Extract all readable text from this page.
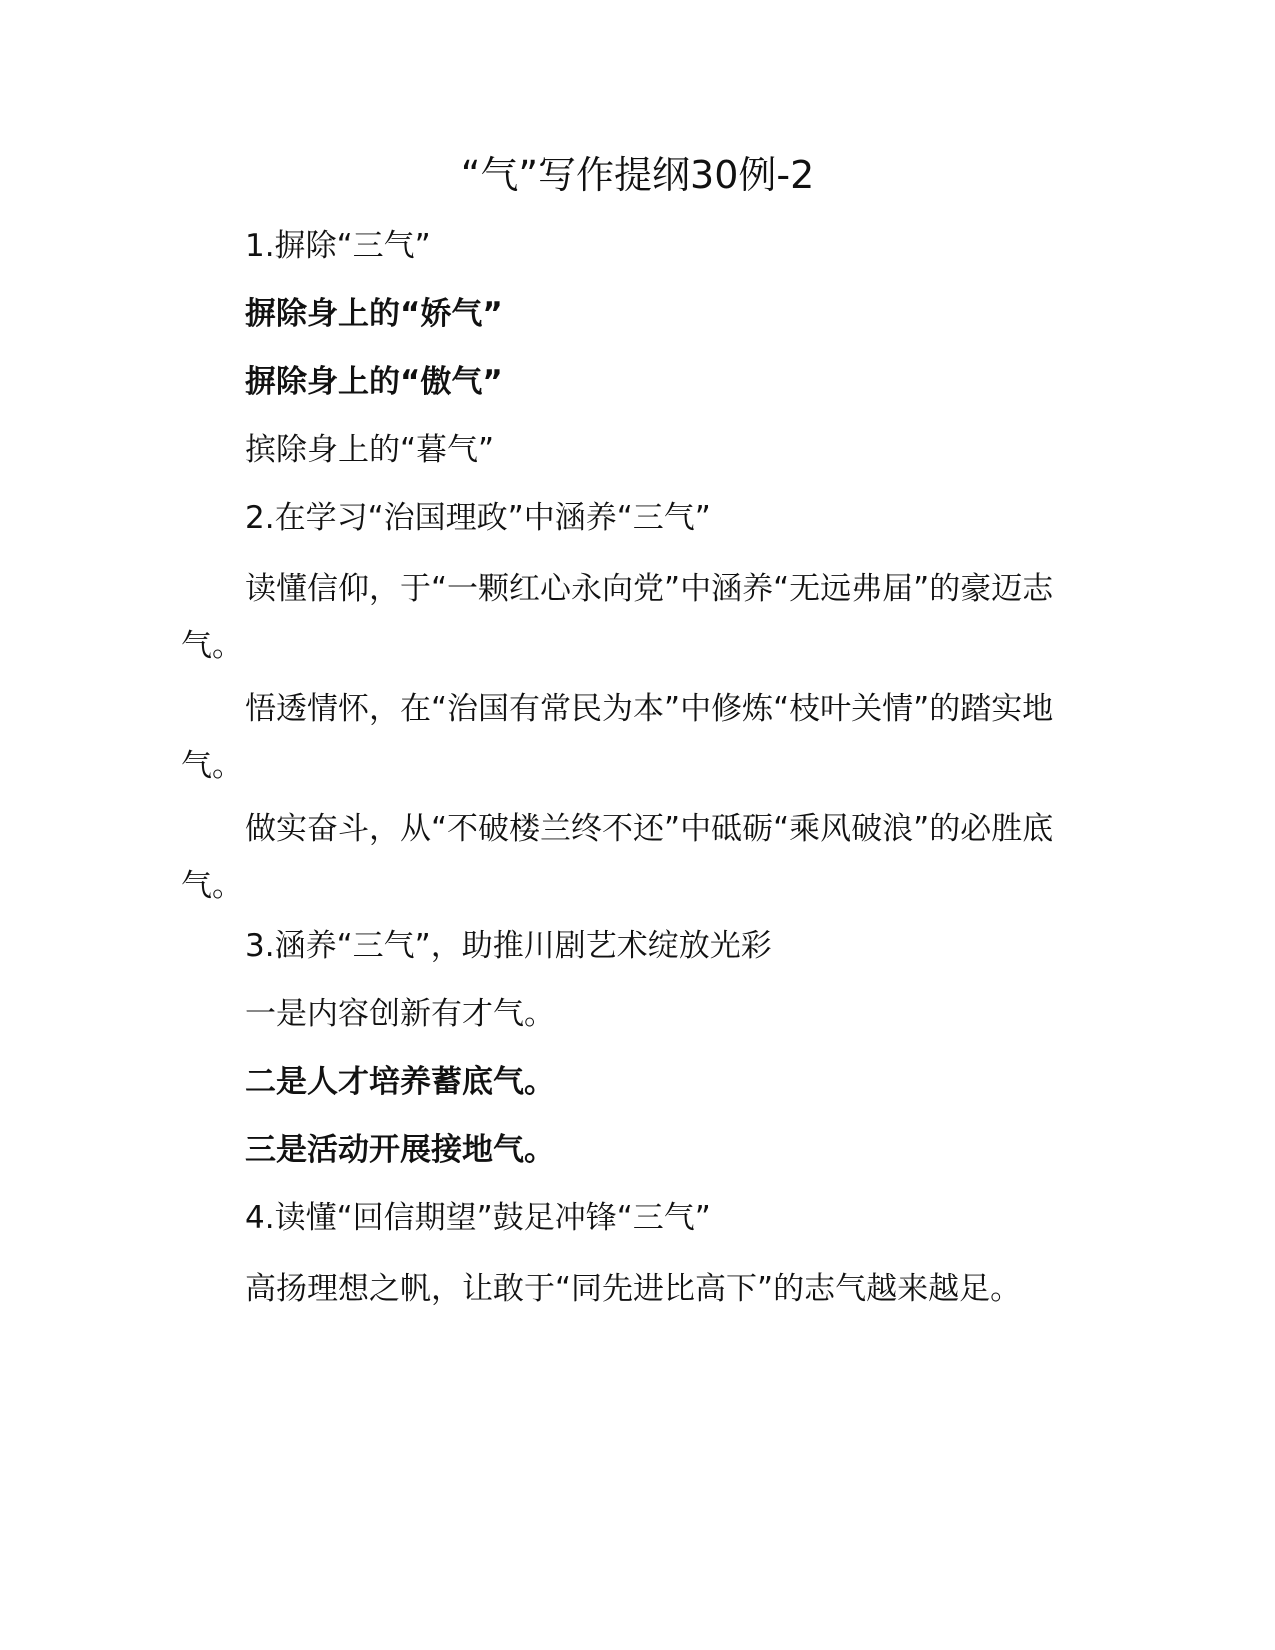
“气”写作提纲30例-2

1.摒除“三气”

摒除身上的“娇气”

摒除身上的“傲气”

摈除身上的“暮气”

2.在学习“治国理政”中涵养“三气”

读懂信仰，于“一颗红心永向党”中涵养“无远弗届”的豪迈志气。

悟透情怀，在“治国有常民为本”中修炼“枝叶关情”的踏实地气。

做实奋斗，从“不破楼兰终不还”中砥砺“乘风破浪”的必胜底气。

3.涵养“三气”，助推川剧艺术绽放光彩

一是内容创新有才气。

二是人才培养蓄底气。

三是活动开展接地气。

4.读懂“回信期望”鼓足冲锋“三气”

高扬理想之帆，让敢于“同先进比高下”的志气越来越足。
